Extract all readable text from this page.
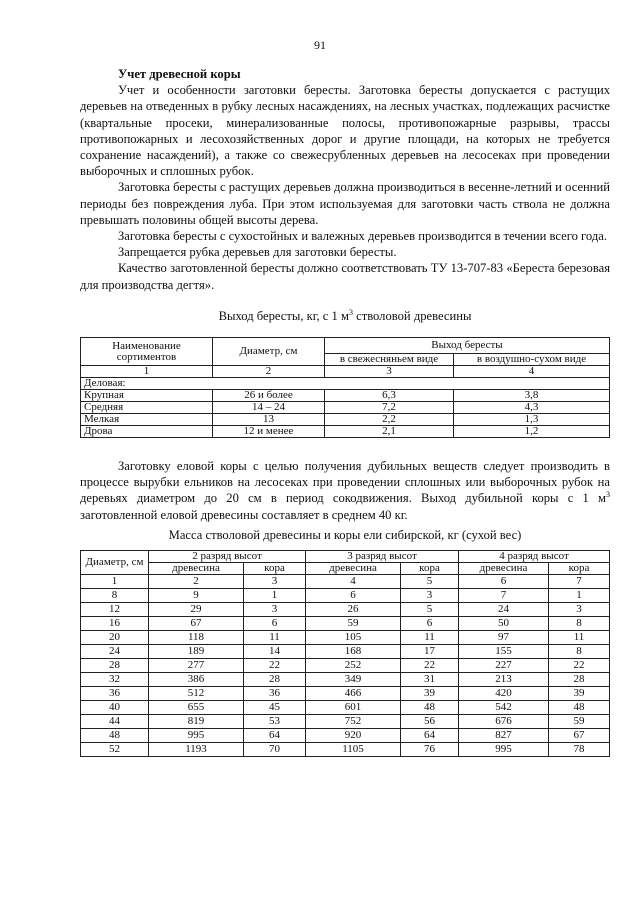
91
Учет древесной коры

Учет и особенности заготовки бересты. Заготовка бересты допускается с растущих деревьев на отведенных в рубку лесных насаждениях, на лесных участках, подлежащих расчистке (квартальные просеки, минерализованные полосы, противопожарные разрывы, трассы противопожарных и лесохозяйственных дорог и другие площади, на которых не требуется сохранение насаждений), а также со свежесрубленных деревьев на лесосеках при проведении выборочных и сплошных рубок.

Заготовка бересты с растущих деревьев должна производиться в весенне-летний и осенний периоды без повреждения луба. При этом используемая для заготовки часть ствола не должна превышать половины общей высоты дерева.

Заготовка бересты с сухостойных и валежных деревьев производится в течении всего года.

Запрещается рубка деревьев для заготовки бересты.

Качество заготовленной бересты должно соответствовать ТУ 13-707-83 «Береста березовая для производства дегтя».

Выход бересты, кг, с 1 $м^3$ стволовой древесины
Наименование сортиментов	Диаметр, см	Выход бересты	
		в свежесняньем виде	в воздушно-сухом виде
1	2	3	4
Деловая:			
Крупная	26 и более	6,3	3,8
Средняя	14 – 24	7,2	4,3
Мелкая	13	2,2	1,3
Дрова	12 и менее	2,1	1,2

Заготовку еловой коры с целью получения дубильных веществ следует производить в процессе вырубки ельников на лесосеках при проведении сплошных или выборочных рубок на деревьях диаметром до 20 см в период сокодвижения. Выход дубильной коры с 1 $м^3$ заготовленной еловой древесины составляет в среднем 40 кг.

Масса стволовой древесины и коры ели сибирской, кг (сухой вес)
Диаметр, см	2 разряд высот		3 разряд высот		4 разряд высот	
	древесина	кора	древесина	кора	древесина	кора
1	2	3	4	5	6	7
8	9	1	6	3	7	1
12	29	3	26	5	24	3
16	67	6	59	6	50	8
20	118	11	105	11	97	11
24	189	14	168	17	155	8
28	277	22	252	22	227	22
32	386	28	349	31	213	28
36	512	36	466	39	420	39
40	655	45	601	48	542	48
44	819	53	752	56	676	59
48	995	64	920	64	827	67
52	1193	70	1105	76	995	78
